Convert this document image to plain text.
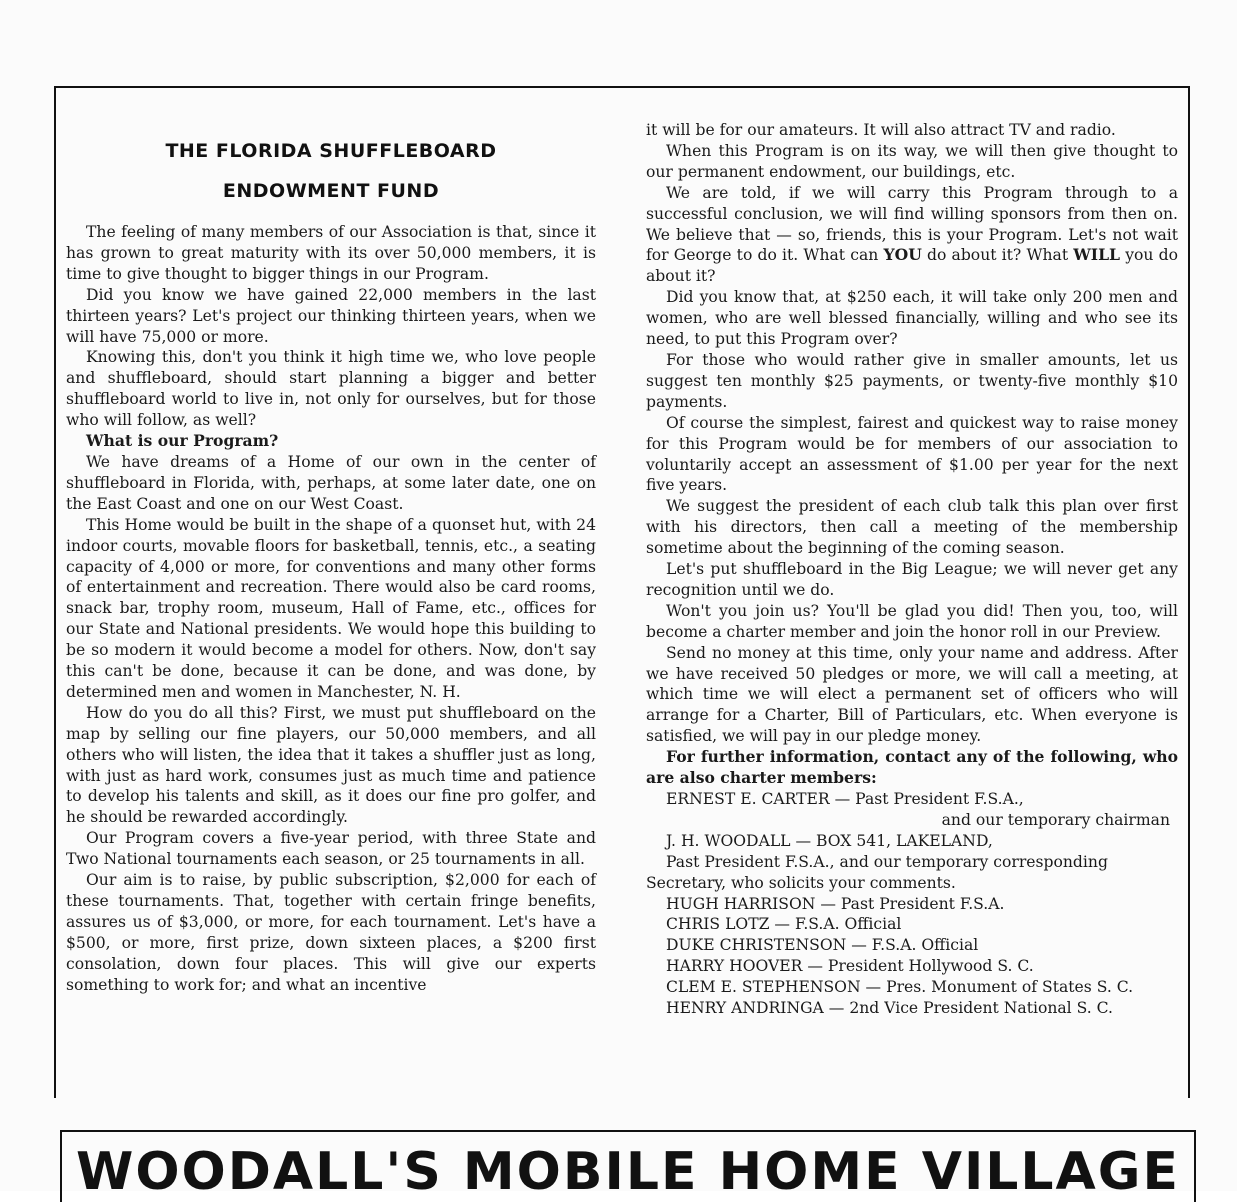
THE FLORIDA SHUFFLEBOARD
ENDOWMENT FUND

The feeling of many members of our Association is that, since it has grown to great maturity with its over 50,000 members, it is time to give thought to bigger things in our Program.

Did you know we have gained 22,000 members in the last thirteen years? Let's project our thinking thirteen years, when we will have 75,000 or more.

Knowing this, don't you think it high time we, who love people and shuffleboard, should start planning a bigger and better shuffleboard world to live in, not only for ourselves, but for those who will follow, as well?

What is our Program?

We have dreams of a Home of our own in the center of shuffleboard in Florida, with, perhaps, at some later date, one on the East Coast and one on our West Coast.

This Home would be built in the shape of a quonset hut, with 24 indoor courts, movable floors for basketball, tennis, etc., a seating capacity of 4,000 or more, for conventions and many other forms of entertainment and recreation. There would also be card rooms, snack bar, trophy room, museum, Hall of Fame, etc., offices for our State and National presidents. We would hope this building to be so modern it would become a model for others. Now, don't say this can't be done, because it can be done, and was done, by determined men and women in Manchester, N. H.

How do you do all this? First, we must put shuffleboard on the map by selling our fine players, our 50,000 members, and all others who will listen, the idea that it takes a shuffler just as long, with just as hard work, consumes just as much time and patience to develop his talents and skill, as it does our fine pro golfer, and he should be rewarded accordingly.

Our Program covers a five-year period, with three State and Two National tournaments each season, or 25 tournaments in all.

Our aim is to raise, by public subscription, $2,000 for each of these tournaments. That, together with certain fringe benefits, assures us of $3,000, or more, for each tournament. Let's have a $500, or more, first prize, down sixteen places, a $200 first consolation, down four places. This will give our experts something to work for; and what an incentive

it will be for our amateurs. It will also attract TV and radio.

When this Program is on its way, we will then give thought to our permanent endowment, our buildings, etc.

We are told, if we will carry this Program through to a successful conclusion, we will find willing sponsors from then on. We believe that — so, friends, this is your Program. Let's not wait for George to do it. What can YOU do about it? What WILL you do about it?

Did you know that, at $250 each, it will take only 200 men and women, who are well blessed financially, willing and who see its need, to put this Program over?

For those who would rather give in smaller amounts, let us suggest ten monthly $25 payments, or twenty-five monthly $10 payments.

Of course the simplest, fairest and quickest way to raise money for this Program would be for members of our association to voluntarily accept an assessment of $1.00 per year for the next five years.

We suggest the president of each club talk this plan over first with his directors, then call a meeting of the membership sometime about the beginning of the coming season.

Let's put shuffleboard in the Big League; we will never get any recognition until we do.

Won't you join us? You'll be glad you did! Then you, too, will become a charter member and join the honor roll in our Preview.

Send no money at this time, only your name and address. After we have received 50 pledges or more, we will call a meeting, at which time we will elect a permanent set of officers who will arrange for a Charter, Bill of Particulars, etc. When everyone is satisfied, we will pay in our pledge money.

For further information, contact any of the following, who are also charter members:

ERNEST E. CARTER — Past President F.S.A.,

and our temporary chairman

J. H. WOODALL — BOX 541, LAKELAND,

Past President F.S.A., and our temporary corresponding Secretary, who solicits your comments.

HUGH HARRISON — Past President F.S.A.

CHRIS LOTZ — F.S.A. Official

DUKE CHRISTENSON — F.S.A. Official

HARRY HOOVER — President Hollywood S. C.

CLEM E. STEPHENSON — Pres. Monument of States S. C.

HENRY ANDRINGA — 2nd Vice President National S. C.

WOODALL'S MOBILE HOME VILLAGE
